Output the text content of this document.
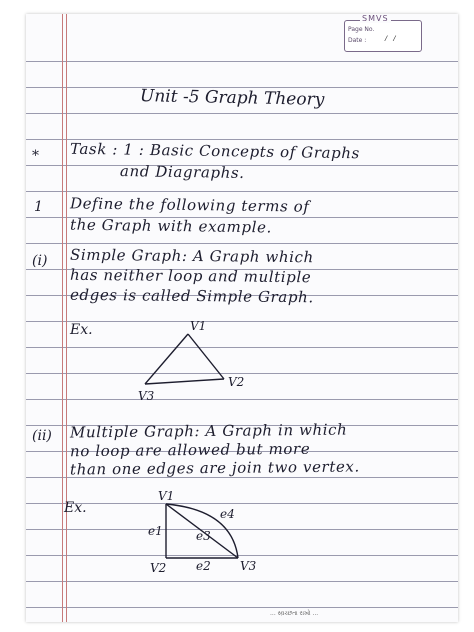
SMVS
Page No.
Date :	/ /
Unit -5 Graph Theory
* Task : 1 : Basic Concepts of Graphs
and Diagraphs.
1 Define the following terms of
the Graph with example.
(i) Simple Graph: A Graph which
has neither loop and multiple
edges is called Simple Graph.
Ex.	V1
V2
V3
(ii) Multiple Graph: A Graph in which
no loop are allowed but more
than one edges are join two vertex.
Ex.
V1
V2	V3
e1
e2
e3
e4
... સ્વ઼ચ્છતા રાખો ...
